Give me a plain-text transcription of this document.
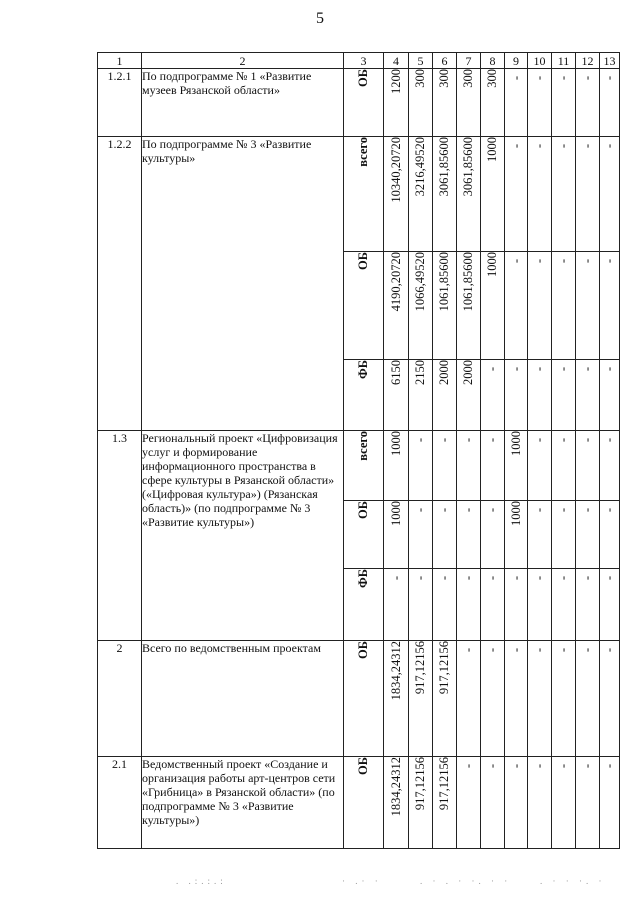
5
1	2	3	4	5	6	7	8	9	10	11	12	13
1.2.1	По подпрограмме № 1 «Развитие музеев Рязанской области»	ОБ	1200	300	300	300	300	-	-	-	-	-
1.2.2	По подпрограмме № 3 «Развитие культуры»	всего	10340,20720	3216,49520	3061,85600	3061,85600	1000	-	-	-	-	-
		ОБ	4190,20720	1066,49520	1061,85600	1061,85600	1000	-	-	-	-	-
		ФБ	6150	2150	2000	2000	-	-	-	-	-	-
1.3	Региональный проект «Цифровизация услуг и формирование информационного пространства в сфере культуры в Рязанской области» («Цифровая культура») (Рязанская область)» (по подпрограмме № 3 «Развитие культуры»)	всего	1000	-	-	-	-	1000	-	-	-	-
		ОБ	1000	-	-	-	-	1000	-	-	-	-
		ФБ	-	-	-	-	-	-	-	-	-	-
2	Всего по ведомственным проектам	ОБ	1834,24312	917,12156	917,12156	-	-	-	-	-	-	-
2.1	Ведомственный проект «Создание и организация работы арт-центров сети «Грибница» в Рязанской области» (по подпрограмме № 3 «Развитие культуры»)	ОБ	1834,24312	917,12156	917,12156	-	-	-	-	-	-	-
. .:.:.:	· .· ·	. · . · ·. · ·	. · · ·. ·
